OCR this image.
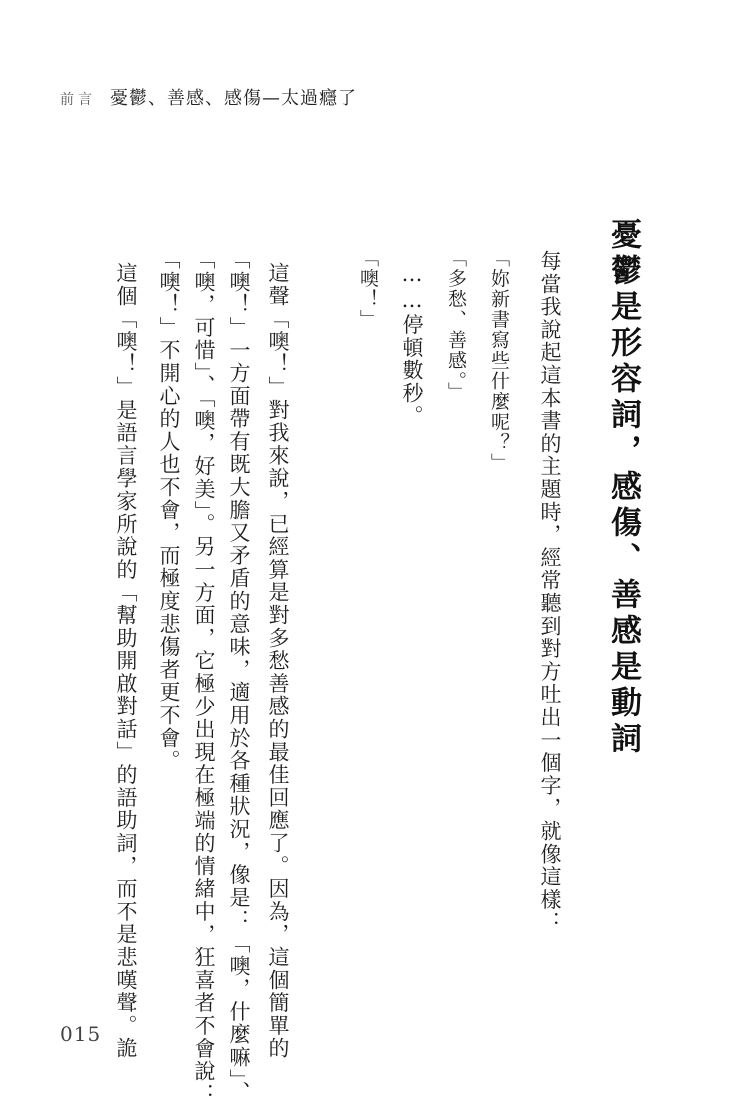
前言 憂鬱、善感、感傷—太過癮了
憂鬱是形容詞，感傷、善感是動詞

每當我說起這本書的主題時，經常聽到對方吐出一個字，就像這樣：

「妳新書寫些什麼呢？」

「多愁、善感。」

……停頓數秒。

「噢！」

這聲「噢！」對我來說，已經算是對多愁善感的最佳回應了。因為，這個簡單的

「噢！」一方面帶有既大膽又矛盾的意味，適用於各種狀況，像是：「噢，什麼嘛」、

「噢，可惜」、「噢，好美」。另一方面，它極少出現在極端的情緒中，狂喜者不會說：

「噢！」不開心的人也不會，而極度悲傷者更不會。

這個「噢！」是語言學家所說的「幫助開啟對話」的語助詞，而不是悲嘆聲。詭

015
